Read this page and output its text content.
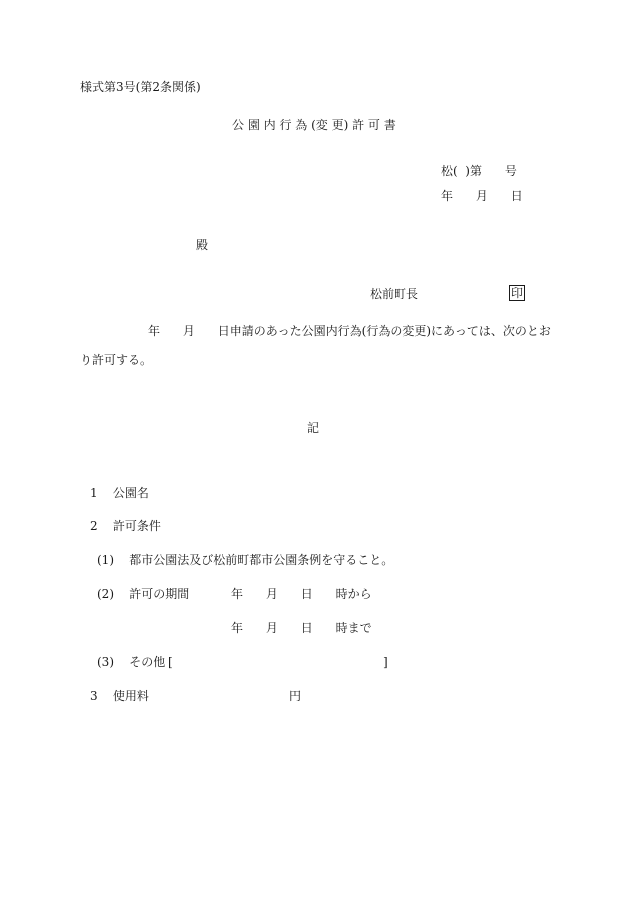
様式第3号(第2条関係)

公 園 内 行 為 (変 更) 許 可 書

松(  )第      号

年      月      日

殿

松前町長	印

年      月      日申請のあった公園内行為(行為の変更)にあっては、次のとお

り許可する。

記

1    公園名

2    許可条件

(1)    都市公園法及び松前町都市公園条例を守ること。

(2)    許可の期間	年      月      日      時から

年      月      日      時まで

(3)    その他 [	]

3    使用料	円
